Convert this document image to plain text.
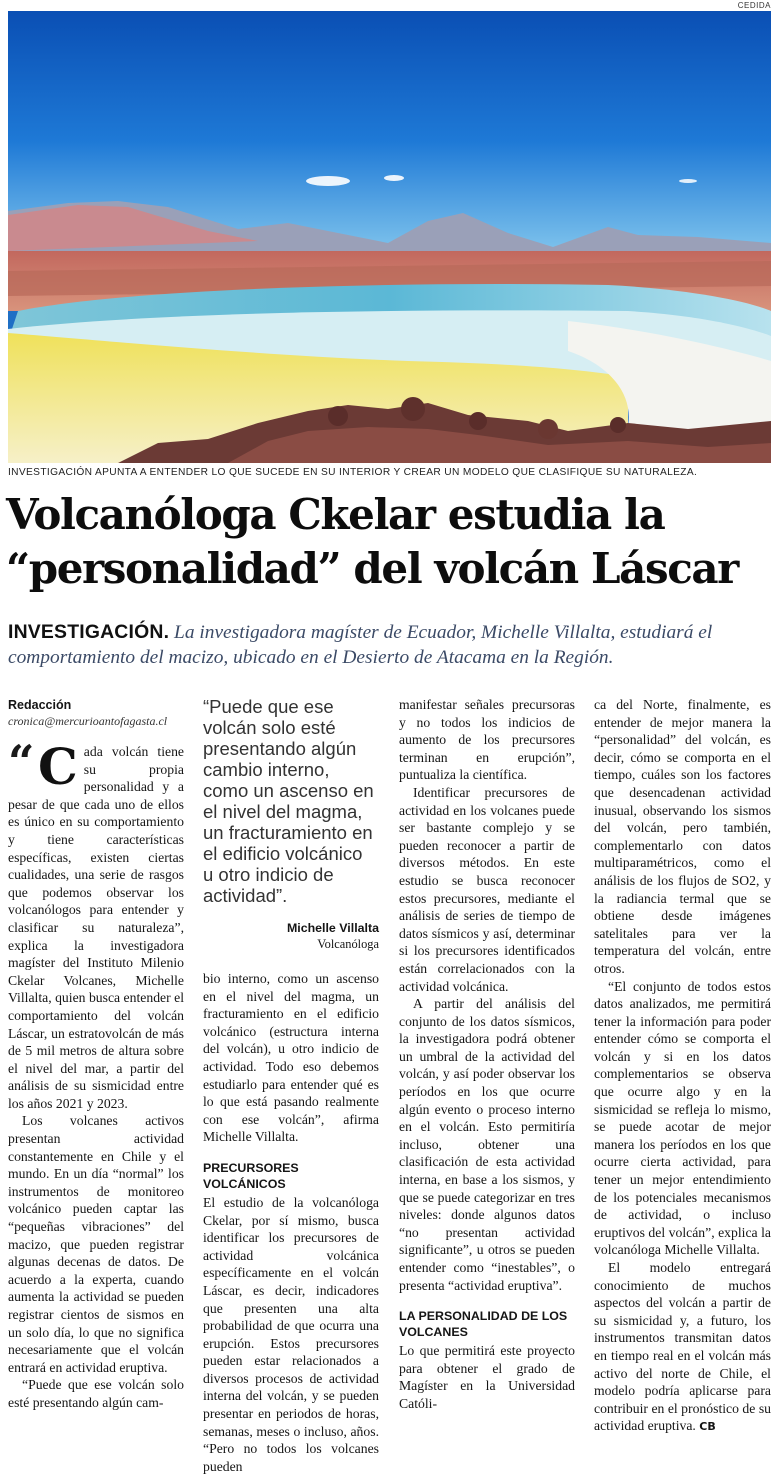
CEDIDA
INVESTIGACIÓN APUNTA A ENTENDER LO QUE SUCEDE EN SU INTERIOR Y CREAR UN MODELO QUE CLASIFIQUE SU NATURALEZA.
Volcanóloga Ckelar estudia la
“personalidad” del volcán Láscar
INVESTIGACIÓN. La investigadora magíster de Ecuador, Michelle Villalta, estudiará el comportamiento del macizo, ubicado en el Desierto de Atacama en la Región.
Redacción
cronica@mercurioantofagasta.cl
“ C ada volcán tiene su propia personalidad y a pesar de que cada uno de ellos es único en su comportamiento y tiene características específicas, existen ciertas cualidades, una serie de rasgos que podemos observar los volcanólogos para entender y clasificar su naturaleza”, explica la investigadora magíster del Instituto Milenio Ckelar Volcanes, Michelle Villalta, quien busca entender el comportamiento del volcán Láscar, un estratovolcán de más de 5 mil metros de altura sobre el nivel del mar, a partir del análisis de su sismicidad entre los años 2021 y 2023.

Los volcanes activos presentan actividad constantemente en Chile y el mundo. En un día “normal” los instrumentos de monitoreo volcánico pueden captar las “pequeñas vibraciones” del macizo, que pueden registrar algunas decenas de datos. De acuerdo a la experta, cuando aumenta la actividad se pueden registrar cientos de sismos en un solo día, lo que no significa necesariamente que el volcán entrará en actividad eruptiva.

“Puede que ese volcán solo esté presentando algún cam-

“Puede que ese volcán solo esté presentando algún cambio interno, como un ascenso en el nivel del magma, un fracturamiento en el edificio volcánico u otro indicio de actividad”.
Michelle Villalta
Volcanóloga

bio interno, como un ascenso en el nivel del magma, un fracturamiento en el edificio volcánico (estructura interna del volcán), u otro indicio de actividad. Todo eso debemos estudiarlo para entender qué es lo que está pasando realmente con ese volcán”, afirma Michelle Villalta.

PRECURSORES VOLCÁNICOS

El estudio de la volcanóloga Ckelar, por sí mismo, busca identificar los precursores de actividad volcánica específicamente en el volcán Láscar, es decir, indicadores que presenten una alta probabilidad de que ocurra una erupción. Estos precursores pueden estar relacionados a diversos procesos de actividad interna del volcán, y se pueden presentar en periodos de horas, semanas, meses o incluso, años. “Pero no todos los volcanes pueden

manifestar señales precursoras y no todos los indicios de aumento de los precursores terminan en erupción”, puntualiza la científica.

Identificar precursores de actividad en los volcanes puede ser bastante complejo y se pueden reconocer a partir de diversos métodos. En este estudio se busca reconocer estos precursores, mediante el análisis de series de tiempo de datos sísmicos y así, determinar si los precursores identificados están correlacionados con la actividad volcánica.

A partir del análisis del conjunto de los datos sísmicos, la investigadora podrá obtener un umbral de la actividad del volcán, y así poder observar los períodos en los que ocurre algún evento o proceso interno en el volcán. Esto permitiría incluso, obtener una clasificación de esta actividad interna, en base a los sismos, y que se puede categorizar en tres niveles: donde algunos datos “no presentan actividad significante”, u otros se pueden entender como “inestables”, o presenta “actividad eruptiva”.

LA PERSONALIDAD DE LOS VOLCANES

Lo que permitirá este proyecto para obtener el grado de Magíster en la Universidad Católi-

ca del Norte, finalmente, es entender de mejor manera la “personalidad” del volcán, es decir, cómo se comporta en el tiempo, cuáles son los factores que desencadenan actividad inusual, observando los sismos del volcán, pero también, complementarlo con datos multiparamétricos, como el análisis de los flujos de SO2, y la radiancia termal que se obtiene desde imágenes satelitales para ver la temperatura del volcán, entre otros.

“El conjunto de todos estos datos analizados, me permitirá tener la información para poder entender cómo se comporta el volcán y si en los datos complementarios se observa que ocurre algo y en la sismicidad se refleja lo mismo, se puede acotar de mejor manera los períodos en los que ocurre cierta actividad, para tener un mejor entendimiento de los potenciales mecanismos de actividad, o incluso eruptivos del volcán”, explica la volcanóloga Michelle Villalta.

El modelo entregará conocimiento de muchos aspectos del volcán a partir de su sismicidad y, a futuro, los instrumentos transmitan datos en tiempo real en el volcán más activo del norte de Chile, el modelo podría aplicarse para contribuir en el pronóstico de su actividad eruptiva. CB
